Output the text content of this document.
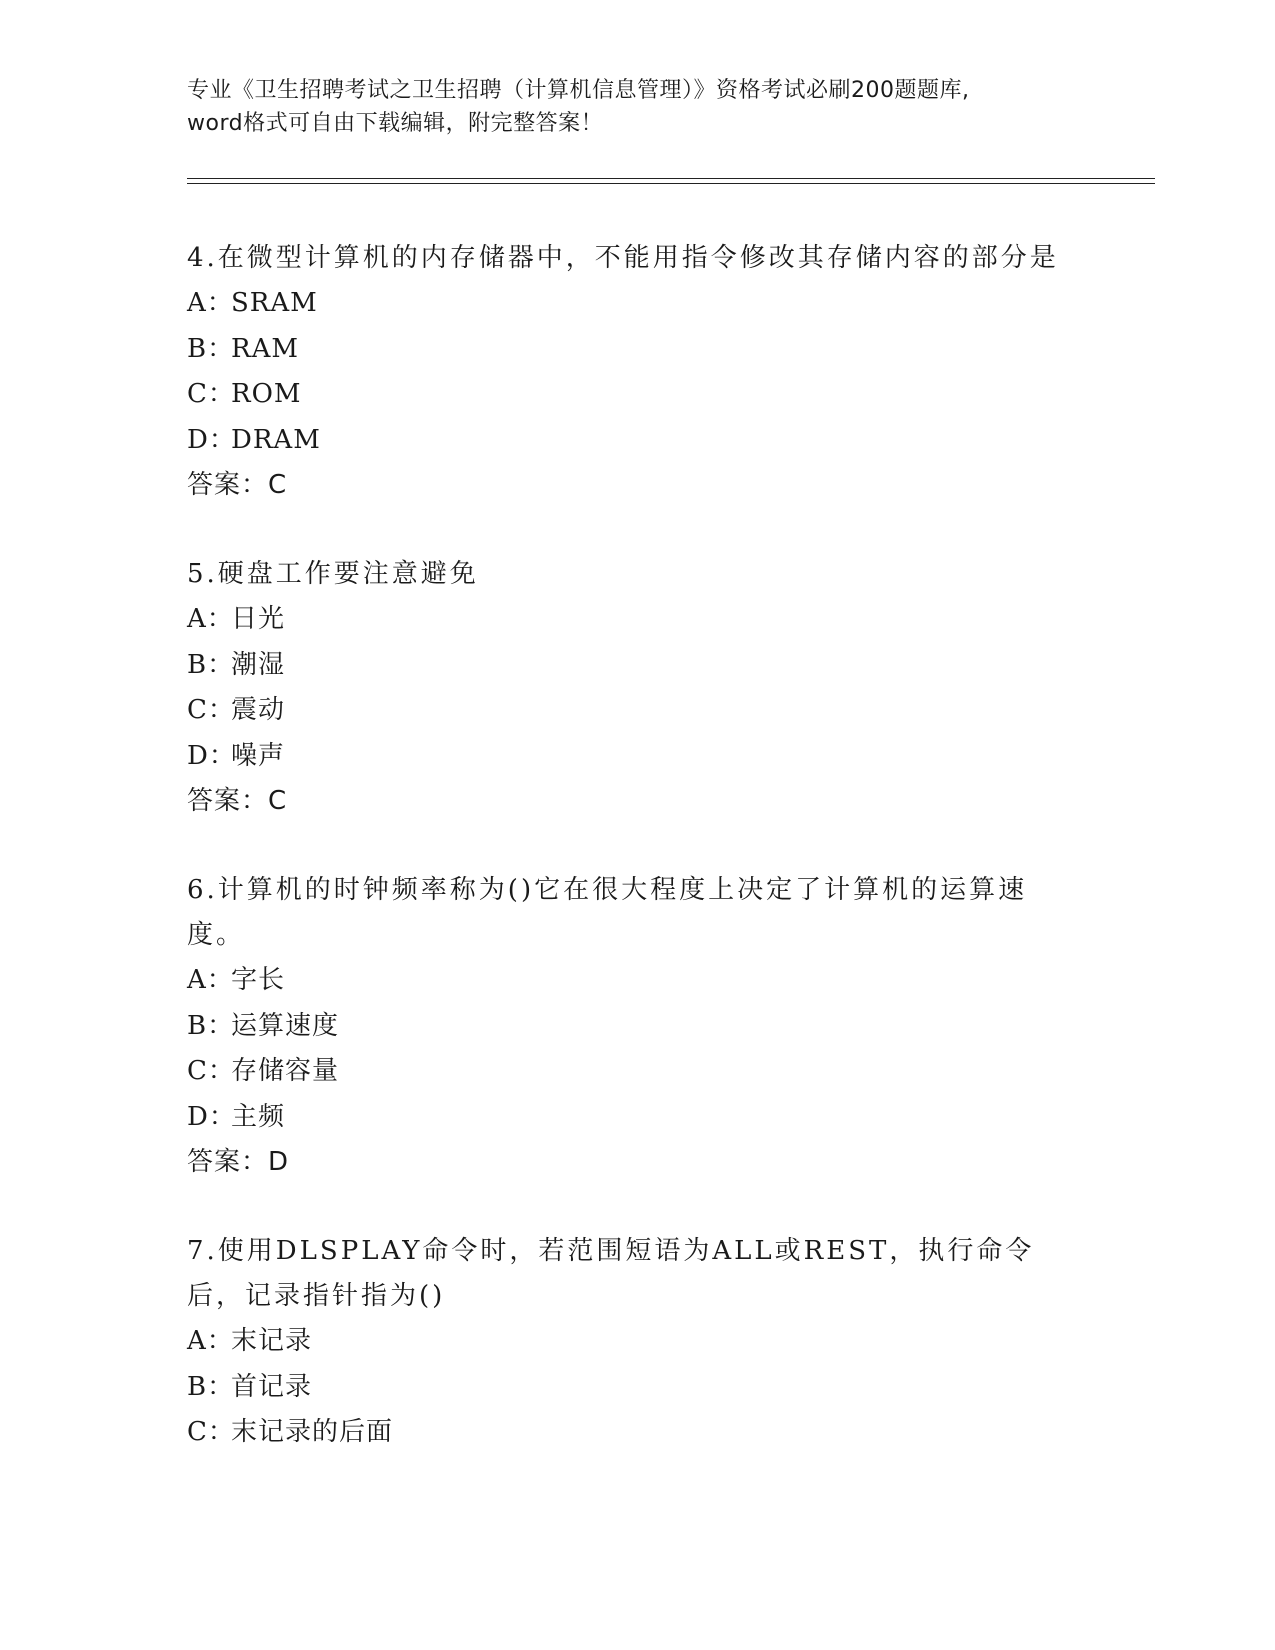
专业《卫生招聘考试之卫生招聘（计算机信息管理）》资格考试必刷200题题库,
word格式可自由下载编辑，附完整答案！
4.在微型计算机的内存储器中，不能用指令修改其存储内容的部分是
A：SRAM
B：RAM
C：ROM
D：DRAM
答案：C
5.硬盘工作要注意避免
A：日光
B：潮湿
C：震动
D：噪声
答案：C
6.计算机的时钟频率称为()它在很大程度上决定了计算机的运算速度。
A：字长
B：运算速度
C：存储容量
D：主频
答案：D
7.使用DLSPLAY命令时，若范围短语为ALL或REST，执行命令后，记录指针指为()
A：末记录
B：首记录
C：末记录的后面
